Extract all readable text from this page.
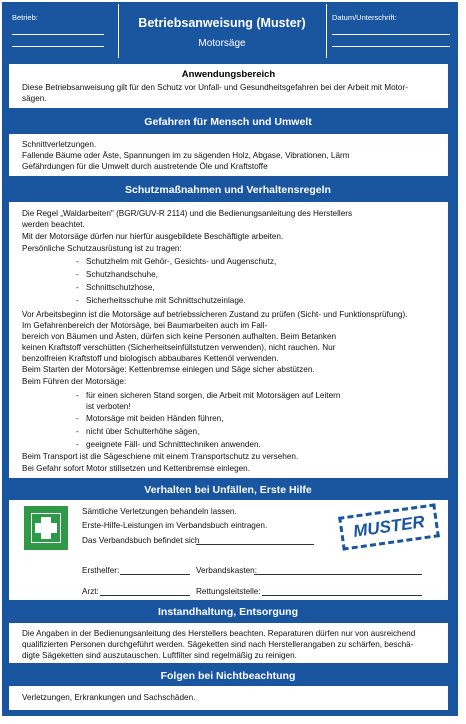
Betrieb:	Betriebsanweisung (Muster)
Motorsäge
Datum/Unterschrift:
Anwendungsbereich
Diese Betriebsanweisung gilt für den Schutz vor Unfall- und Gesundheitsgefahren bei der Arbeit mit Motor-
sägen.
Gefahren für Mensch und Umwelt
Schnittverletzungen.
Fallende Bäume oder Äste, Spannungen im zu sägenden Holz, Abgase, Vibrationen, Lärm
Gefährdungen für die Umwelt durch austretende Öle und Kraftstoffe
Schutzmaßnahmen und Verhaltensregeln
Die Regel „Waldarbeiten" (BGR/GUV-R 2114) und die Bedienungsanleitung des Herstellers
werden beachtet.
Mit der Motorsäge dürfen nur hierfür ausgebildete Beschäftigte arbeiten.
Persönliche Schutzausrüstung ist zu tragen:
- Schutzhelm mit Gehör-, Gesichts- und Augenschutz,
- Schutzhandschuhe,
- Schnittschutzhose,
- Sicherheitsschuhe mit Schnittschutzeinlage.
Vor Arbeitsbeginn ist die Motorsäge auf betriebssicheren Zustand zu prüfen (Sicht- und Funktionsprüfung).
Im Gefahrenbereich der Motorsäge, bei Baumarbeiten auch im Fall-
bereich von Bäumen und Ästen, dürfen sich keine Personen aufhalten. Beim Betanken
keinen Kraftstoff verschütten (Sicherheitseinfüllstutzen verwenden), nicht rauchen. Nur
benzolfreien Kraftstoff und biologisch abbaubares Kettenöl verwenden.
Beim Starten der Motorsäge: Kettenbremse einlegen und Säge sicher abstützen.
Beim Führen der Motorsäge:
- für einen sicheren Stand sorgen, die Arbeit mit Motorsägen auf Leitern
ist verboten!
- Motorsäge mit beiden Händen führen,
- nicht über Schulterhöhe sägen,
- geeignete Fäll- und Schnitttechniken anwenden.
Beim Transport ist die Sägeschiene mit einem Transportschutz zu versehen.
Bei Gefahr sofort Motor stillsetzen und Kettenbremse einlegen.
Verhalten bei Unfällen, Erste Hilfe
Sämtliche Verletzungen behandeln lassen.
Erste-Hilfe-Leistungen im Verbandsbuch eintragen.
Das Verbandsbuch befindet sich	MUSTER
Ersthelfer:	Verbandskasten:
Arzt:	Rettungsleitstelle:
Instandhaltung, Entsorgung
Die Angaben in der Bedienungsanleitung des Herstellers beachten. Reparaturen dürfen nur von ausreichend
qualifizierten Personen durchgeführt werden. Sägeketten sind nach Herstellerangaben zu schärfen, beschä-
digte Sägeketten sind auszutauschen. Luftfilter sind regelmäßig zu reinigen.
Folgen bei Nichtbeachtung
Verletzungen, Erkrankungen und Sachschäden.
